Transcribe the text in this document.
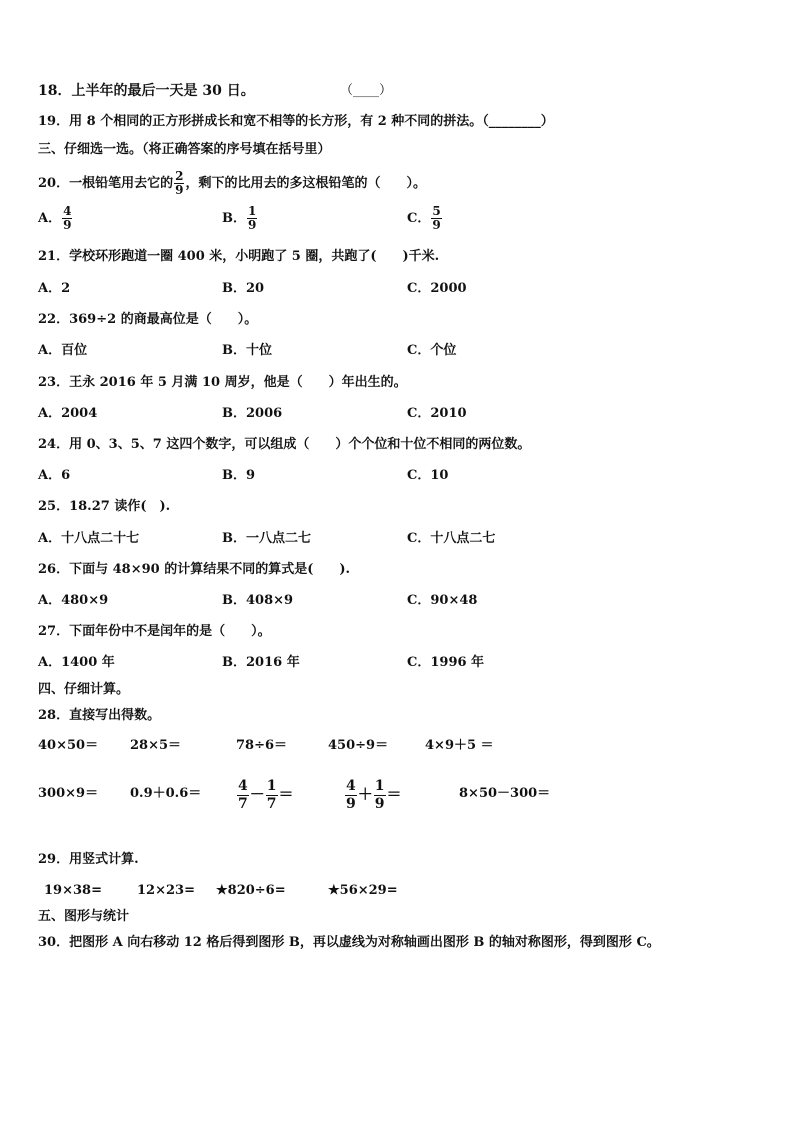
18．上半年的最后一天是 30 日。	（____）
19．用 8 个相同的正方形拼成长和宽不相等的长方形，有 2 种不同的拼法。（________）
三、仔细选一选。（将正确答案的序号填在括号里）
20．一根铅笔用去它的 $\frac{2}{9}$ ，剩下的比用去的多这根铅笔的（　　）。
A． $\frac{4}{9}$	B． $\frac{1}{9}$	C． $\frac{5}{9}$
21．学校环形跑道一圈 400 米，小明跑了 5 圈，共跑了(　　)千米.
A．2	B．20	C．2000
22．369÷2 的商最高位是（　　）。
A．百位	B．十位	C．个位
23．王永 2016 年 5 月满 10 周岁，他是（　　）年出生的。
A．2004	B．2006	C．2010
24．用 0、3、5、7 这四个数字，可以组成（　　）个个位和十位不相同的两位数。
A．6	B．9	C．10
25．18.27 读作(　).
A．十八点二十七	B．一八点二七	C．十八点二七
26．下面与 48×90 的计算结果不同的算式是(　　).
A．480×9	B．408×9	C．90×48
27．下面年份中不是闰年的是（　　）。
A．1400 年	B．2016 年	C．1996 年
四、仔细计算。
28．直接写出得数。
40×50＝ 28×5＝	78÷6＝	450÷9＝	4×9＋5 ＝
300×9＝ 0.9＋0.6＝	$\frac{4}{7} - \frac{1}{7}$ ＝	$\frac{4}{9} + \frac{1}{9}$ ＝	8×50－300＝
29．用竖式计算.
19×38=	12×23= ★820÷6=	★56×29=
五、图形与统计
30．把图形 A 向右移动 12 格后得到图形 B，再以虚线为对称轴画出图形 B 的轴对称图形，得到图形 C。
